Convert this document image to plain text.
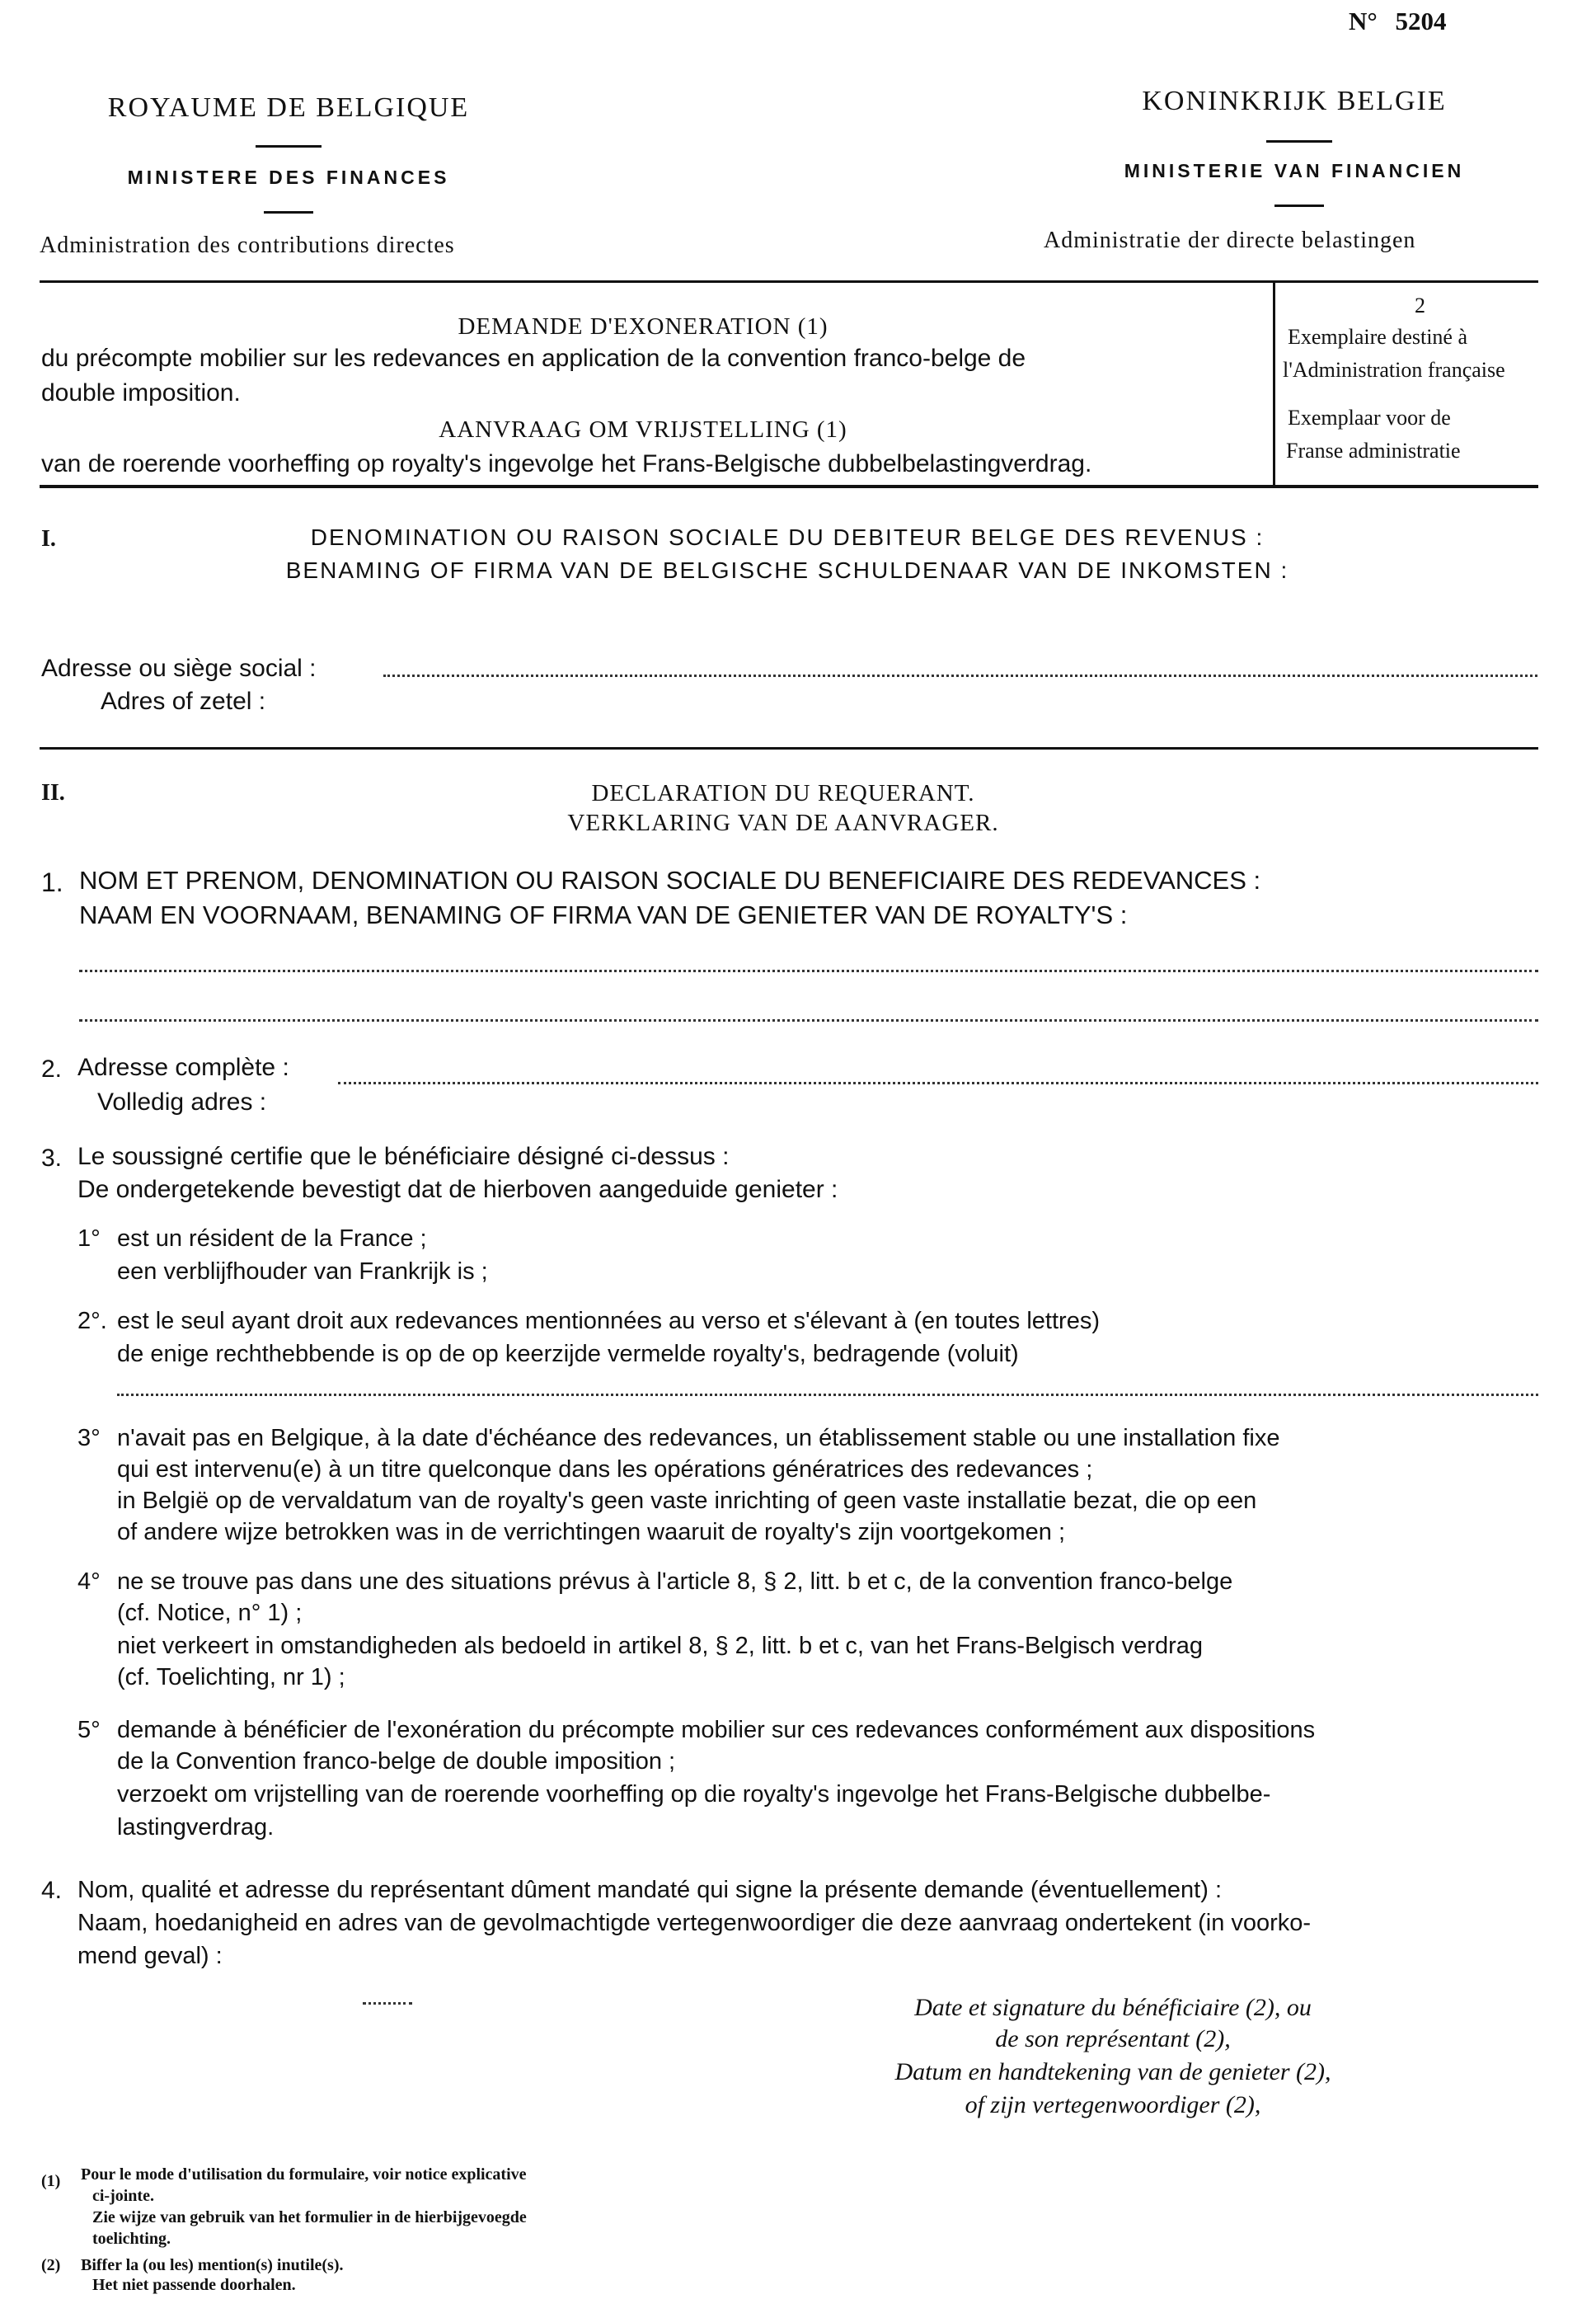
N° 5204
ROYAUME DE BELGIQUE
MINISTERE DES FINANCES
Administration des contributions directes
KONINKRIJK BELGIE
MINISTERIE VAN FINANCIEN
Administratie der directe belastingen
DEMANDE D'EXONERATION (1)
du précompte mobilier sur les redevances en application de la convention franco-belge de
double imposition.
AANVRAAG OM VRIJSTELLING (1)
van de roerende voorheffing op royalty's ingevolge het Frans-Belgische dubbelbelastingverdrag.
2
Exemplaire destiné à
l'Administration française
Exemplaar voor de
Franse administratie
I.	DENOMINATION OU RAISON SOCIALE DU DEBITEUR BELGE DES REVENUS :
BENAMING OF FIRMA VAN DE BELGISCHE SCHULDENAAR VAN DE INKOMSTEN :
Adresse ou siège social :
Adres of zetel :
II.	DECLARATION DU REQUERANT.
VERKLARING VAN DE AANVRAGER.
1. NOM ET PRENOM, DENOMINATION OU RAISON SOCIALE DU BENEFICIAIRE DES REDEVANCES :
NAAM EN VOORNAAM, BENAMING OF FIRMA VAN DE GENIETER VAN DE ROYALTY'S :
2. Adresse complète :
Volledig adres :
3. Le soussigné certifie que le bénéficiaire désigné ci-dessus :
De ondergetekende bevestigt dat de hierboven aangeduide genieter :
1° est un résident de la France ;
een verblijfhouder van Frankrijk is ;
2°. est le seul ayant droit aux redevances mentionnées au verso et s'élevant à (en toutes lettres)
de enige rechthebbende is op de op keerzijde vermelde royalty's, bedragende (voluit)
3° n'avait pas en Belgique, à la date d'échéance des redevances, un établissement stable ou une installation fixe
qui est intervenu(e) à un titre quelconque dans les opérations génératrices des redevances ;
in België op de vervaldatum van de royalty's geen vaste inrichting of geen vaste installatie bezat, die op een
of andere wijze betrokken was in de verrichtingen waaruit de royalty's zijn voortgekomen ;
4° ne se trouve pas dans une des situations prévus à l'article 8, § 2, litt. b et c, de la convention franco-belge
(cf. Notice, n° 1) ;
niet verkeert in omstandigheden als bedoeld in artikel 8, § 2, litt. b et c, van het Frans-Belgisch verdrag
(cf. Toelichting, nr 1) ;
5° demande à bénéficier de l'exonération du précompte mobilier sur ces redevances conformément aux dispositions
de la Convention franco-belge de double imposition ;
verzoekt om vrijstelling van de roerende voorheffing op die royalty's ingevolge het Frans-Belgische dubbelbe-
lastingverdrag.
4. Nom, qualité et adresse du représentant dûment mandaté qui signe la présente demande (éventuellement) :
Naam, hoedanigheid en adres van de gevolmachtigde vertegenwoordiger die deze aanvraag ondertekent (in voorko-
mend geval) :
Date et signature du bénéficiaire (2), ou
de son représentant (2),
Datum en handtekening van de genieter (2),
of zijn vertegenwoordiger (2),
(1) Pour le mode d'utilisation du formulaire, voir notice explicative
ci-jointe.
Zie wijze van gebruik van het formulier in de hierbijgevoegde
toelichting.
(2) Biffer la (ou les) mention(s) inutile(s).
Het niet passende doorhalen.
